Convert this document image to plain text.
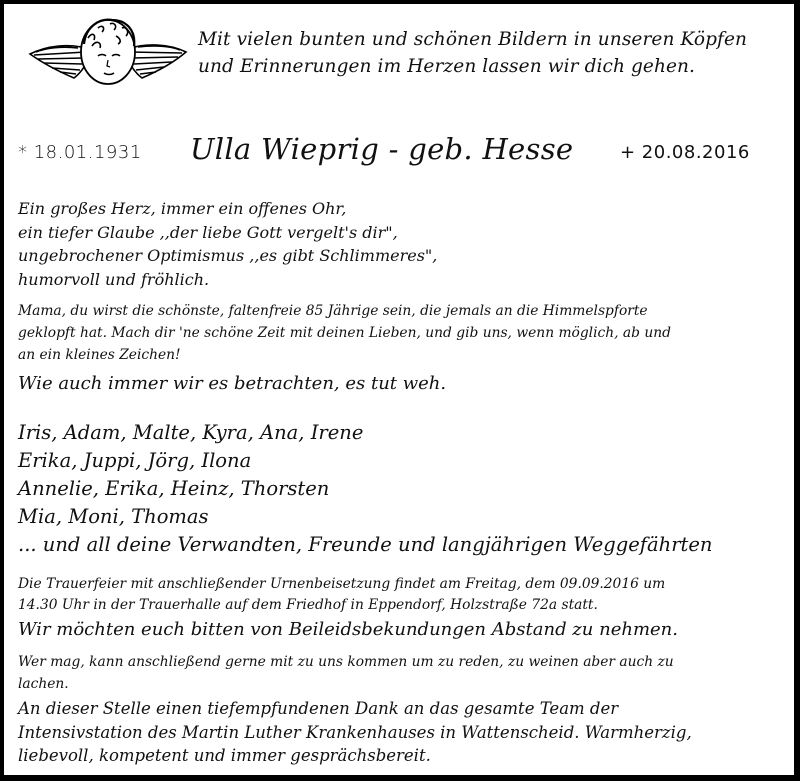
Mit vielen bunten und schönen Bildern in unseren Köpfen
und Erinnerungen im Herzen lassen wir dich gehen.
* 18.01.1931 Ulla Wieprig - geb. Hesse	+ 20.08.2016
Ein großes Herz, immer ein offenes Ohr,
ein tiefer Glaube ,,der liebe Gott vergelt's dir",
ungebrochener Optimismus ,,es gibt Schlimmeres",
humorvoll und fröhlich.
Mama, du wirst die schönste, faltenfreie 85 Jährige sein, die jemals an die Himmelspforte
geklopft hat. Mach dir 'ne schöne Zeit mit deinen Lieben, und gib uns, wenn möglich, ab und
an ein kleines Zeichen!
Wie auch immer wir es betrachten, es tut weh.
Iris, Adam, Malte, Kyra, Ana, Irene
Erika, Juppi, Jörg, Ilona
Annelie, Erika, Heinz, Thorsten
Mia, Moni, Thomas
... und all deine Verwandten, Freunde und langjährigen Weggefährten
Die Trauerfeier mit anschließender Urnenbeisetzung findet am Freitag, dem 09.09.2016 um
14.30 Uhr in der Trauerhalle auf dem Friedhof in Eppendorf, Holzstraße 72a statt.
Wir möchten euch bitten von Beileidsbekundungen Abstand zu nehmen.
Wer mag, kann anschließend gerne mit zu uns kommen um zu reden, zu weinen aber auch zu
lachen.
An dieser Stelle einen tiefempfundenen Dank an das gesamte Team der
Intensivstation des Martin Luther Krankenhauses in Wattenscheid. Warmherzig,
liebevoll, kompetent und immer gesprächsbereit.
